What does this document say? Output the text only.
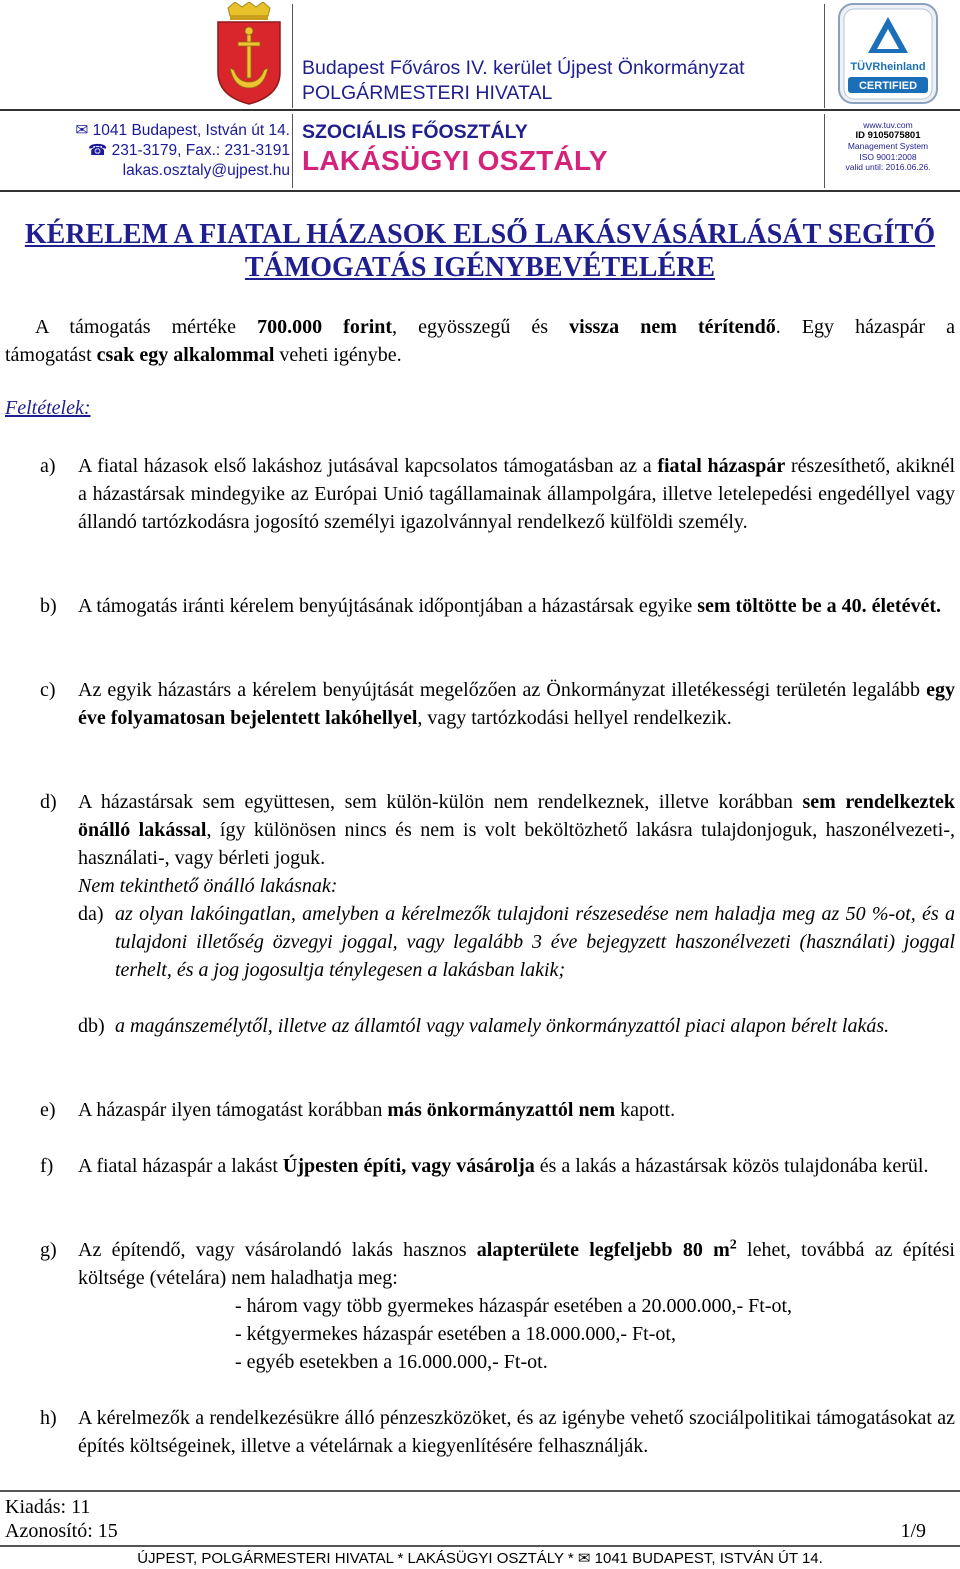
✉ 1041 Budapest, István út 14.
☎ 231-3179, Fax.: 231-3191
lakas.osztaly@ujpest.hu
Budapest Főváros IV. kerület Újpest Önkormányzat
POLGÁRMESTERI HIVATAL
SZOCIÁLIS FŐOSZTÁLY
LAKÁSÜGYI OSZTÁLY
TÜVRheinland
CERTIFIED
www.tuv.com
ID 9105075801
Management System
ISO 9001:2008
valid until: 2016.06.26.
KÉRELEM A FIATAL HÁZASOK ELSŐ LAKÁSVÁSÁRLÁSÁT SEGÍTŐ
TÁMOGATÁS IGÉNYBEVÉTELÉRE
A támogatás mértéke 700.000 forint, egyösszegű és vissza nem térítendő. Egy házaspár a
támogatást csak egy alkalommal veheti igénybe.
Feltételek:
a) A fiatal házasok első lakáshoz jutásával kapcsolatos támogatásban az a fiatal házaspár részesíthető, akiknél a házastársak mindegyike az Európai Unió tagállamainak állampolgára, illetve letelepedési engedéllyel vagy állandó tartózkodásra jogosító személyi igazolvánnyal rendelkező külföldi személy.
b) A támogatás iránti kérelem benyújtásának időpontjában a házastársak egyike sem töltötte be a 40. életévét.
c) Az egyik házastárs a kérelem benyújtását megelőzően az Önkormányzat illetékességi területén legalább egy éve folyamatosan bejelentett lakóhellyel, vagy tartózkodási hellyel rendelkezik.
d) A házastársak sem együttesen, sem külön-külön nem rendelkeznek, illetve korábban sem rendelkeztek önálló lakással, így különösen nincs és nem is volt beköltözhető lakásra tulajdonjoguk, haszonélvezeti-, használati-, vagy bérleti joguk.
Nem tekinthető önálló lakásnak:
da) az olyan lakóingatlan, amelyben a kérelmezők tulajdoni részesedése nem haladja meg az 50 %-ot, és a tulajdoni illetőség özvegyi joggal, vagy legalább 3 éve bejegyzett haszonélvezeti (használati) joggal terhelt, és a jog jogosultja ténylegesen a lakásban lakik;
db) a magánszemélytől, illetve az államtól vagy valamely önkormányzattól piaci alapon bérelt lakás.
e) A házaspár ilyen támogatást korábban más önkormányzattól nem kapott.
f) A fiatal házaspár a lakást Újpesten építi, vagy vásárolja és a lakás a házastársak közös tulajdonába kerül.
g) Az építendő, vagy vásárolandó lakás hasznos alapterülete legfeljebb 80 $m^2$ lehet, továbbá az építési költsége (vételára) nem haladhatja meg:
- három vagy több gyermekes házaspár esetében a 20.000.000,- Ft-ot,
- kétgyermekes házaspár esetében a 18.000.000,- Ft-ot,
- egyéb esetekben a 16.000.000,- Ft-ot.
h) A kérelmezők a rendelkezésükre álló pénzeszközöket, és az igénybe vehető szociálpolitikai támogatásokat az építés költségeinek, illetve a vételárnak a kiegyenlítésére felhasználják.
Kiadás: 11
Azonosító: 15	1/9
ÚJPEST, POLGÁRMESTERI HIVATAL * LAKÁSÜGYI OSZTÁLY * ✉ 1041 BUDAPEST, ISTVÁN ÚT 14.
